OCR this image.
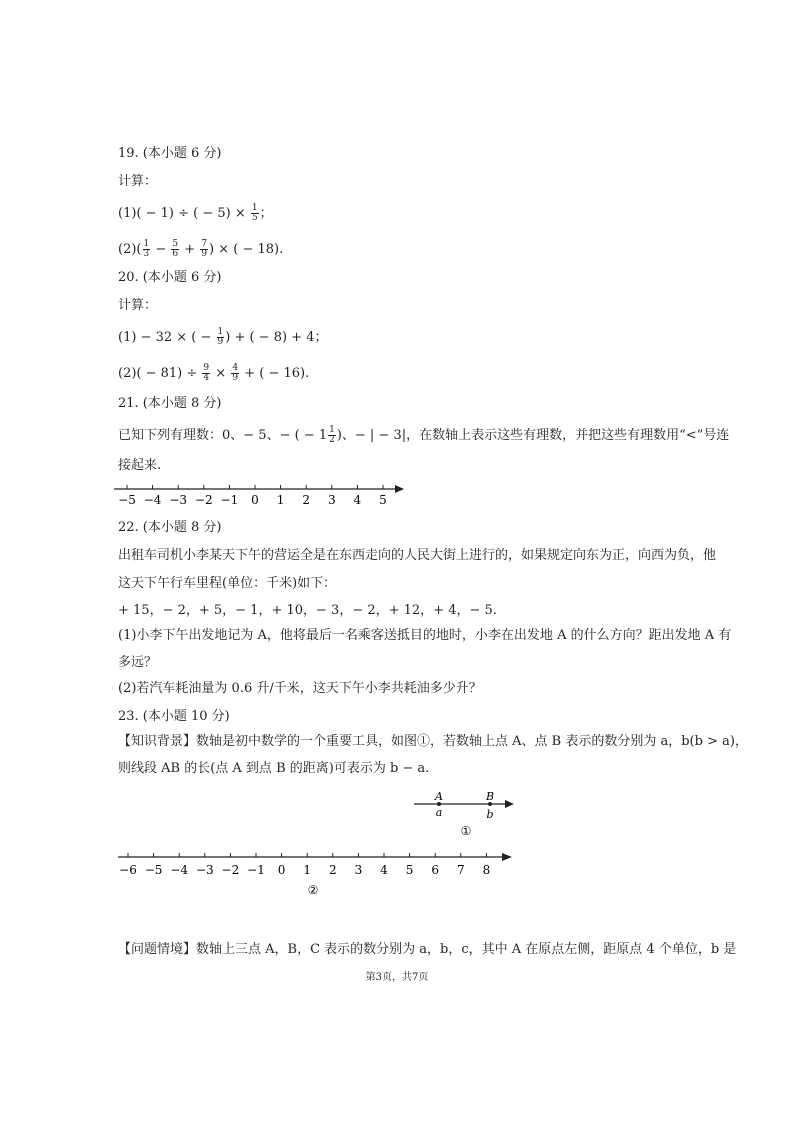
19. (本小题 6 分)
计算：
(1)( − 1) ÷ ( − $5) \times \frac{1}{5}$ ；
$(2)( \frac{1}{3} - \frac{5}{6} + \frac{7}{9}$ ) × ( − 18).
20. (本小题 6 分)
计算：
(1) − 32 × ( − $\frac{1}{9}$ ) + ( − 8) + 4；
$(2)( - 81) \div \frac{9}{4} \times \frac{4}{9}$ + ( − 16).
21. (本小题 8 分)
已知下列有理数：0、− 5、− ( − $1 \frac{1}{2}$ )、− | − 3|，在数轴上表示这些有理数，并把这些有理数用“<”号连
接起来.
−5 −4 −3 −2 −1 0 1 2 3 4 5
22. (本小题 8 分)
出租车司机小李某天下午的营运全是在东西走向的人民大街上进行的，如果规定向东为正，向西为负，他
这天下午行车里程(单位：千米)如下：
+ 15，− 2，+ 5，− 1，+ 10，− 3，− 2，+ 12，+ 4，− 5.
(1)小李下午出发地记为 A，他将最后一名乘客送抵目的地时，小李在出发地 A 的什么方向？距出发地 A 有
多远？
(2)若汽车耗油量为 0.6 升/千米，这天下午小李共耗油多少升？
23. (本小题 10 分)
【知识背景】数轴是初中数学的一个重要工具，如图①，若数轴上点 A、点 B 表示的数分别为 a，b(b > a)，
则线段 AB 的长(点 A 到点 B 的距离)可表示为 b − a.
A
a
B
b
①
−6 −5 −4 −3 −2 −1 0 1 2 3 4 5 6 7 8
②
【问题情境】数轴上三点 A，B，C 表示的数分别为 a，b，c，其中 A 在原点左侧，距原点 4 个单位，b 是
第3页，共7页
